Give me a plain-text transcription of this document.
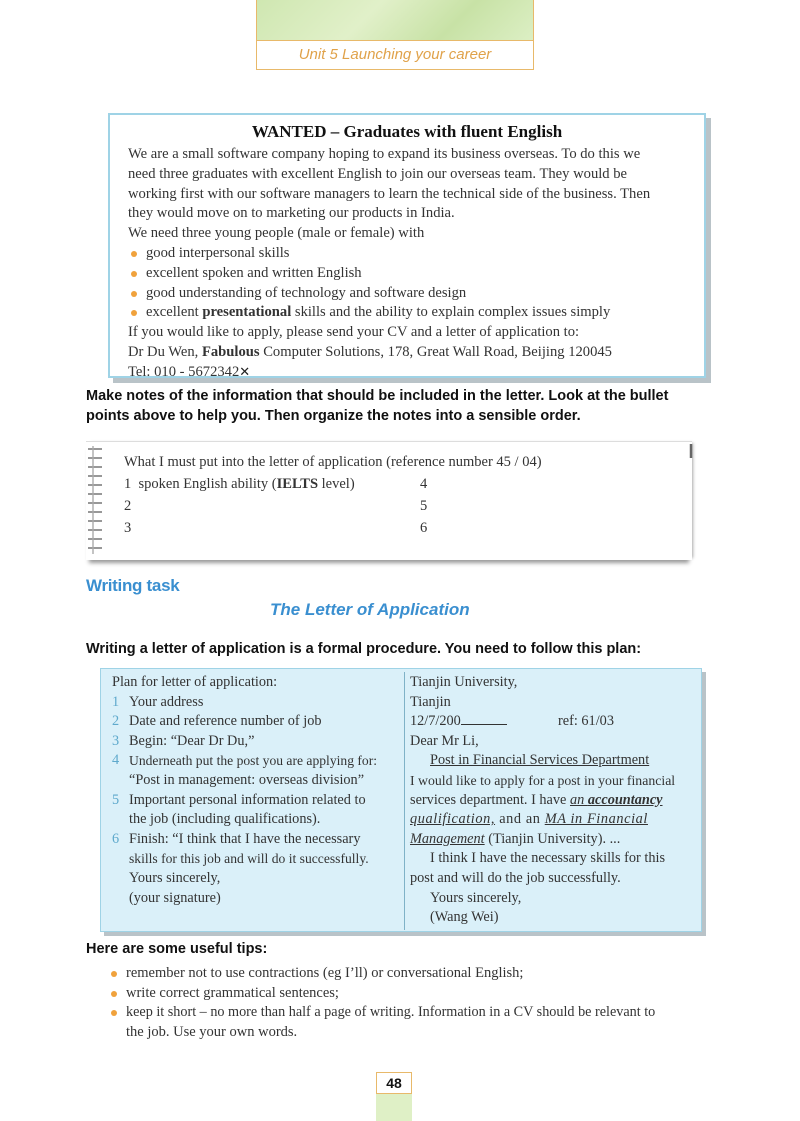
Unit 5 Launching your career
WANTED – Graduates with fluent English

We are a small software company hoping to expand its business overseas. To do this we

need three graduates with excellent English to join our overseas team. They would be

working first with our software managers to learn the technical side of the business. Then

they would move on to marketing our products in India.

We need three young people (male or female) with

good interpersonal skills
excellent spoken and written English
good understanding of technology and software design
excellent presentational skills and the ability to explain complex issues simply

If you would like to apply, please send your CV and a letter of application to:

Dr Du Wen, Fabulous Computer Solutions, 178, Great Wall Road, Beijing 120045

Tel: 010 - 5672342✕

Make notes of the information that should be included in the letter. Look at the bullet
points above to help you. Then organize the notes into a sensible order.
What I must put into the letter of application (reference number 45 / 04)
1 spoken English ability (IELTS level)
2
3
4
5
6
Writing task
The Letter of Application
Writing a letter of application is a formal procedure. You need to follow this plan:
Plan for letter of application:
1 Your address
2 Date and reference number of job
3 Begin: “Dear Dr Du,”
4 Underneath put the post you are applying for:
“Post in management: overseas division”
5 Important personal information related to
the job (including qualifications).
6 Finish: “I think that I have the necessary
skills for this job and will do it successfully.
Yours sincerely,
(your signature)
Tianjin University,
Tianjin
12/7/200	ref: 61/03
Dear Mr Li,
Post in Financial Services Department
I would like to apply for a post in your financial
services department. I have an accountancy
qualification, and an MA in Financial
Management (Tianjin University). ...
I think I have the necessary skills for this
post and will do the job successfully.
Yours sincerely,
(Wang Wei)
Here are some useful tips:
remember not to use contractions (eg I’ll) or conversational English;
write correct grammatical sentences;
keep it short – no more than half a page of writing. Information in a CV should be relevant to
the job. Use your own words.
48
